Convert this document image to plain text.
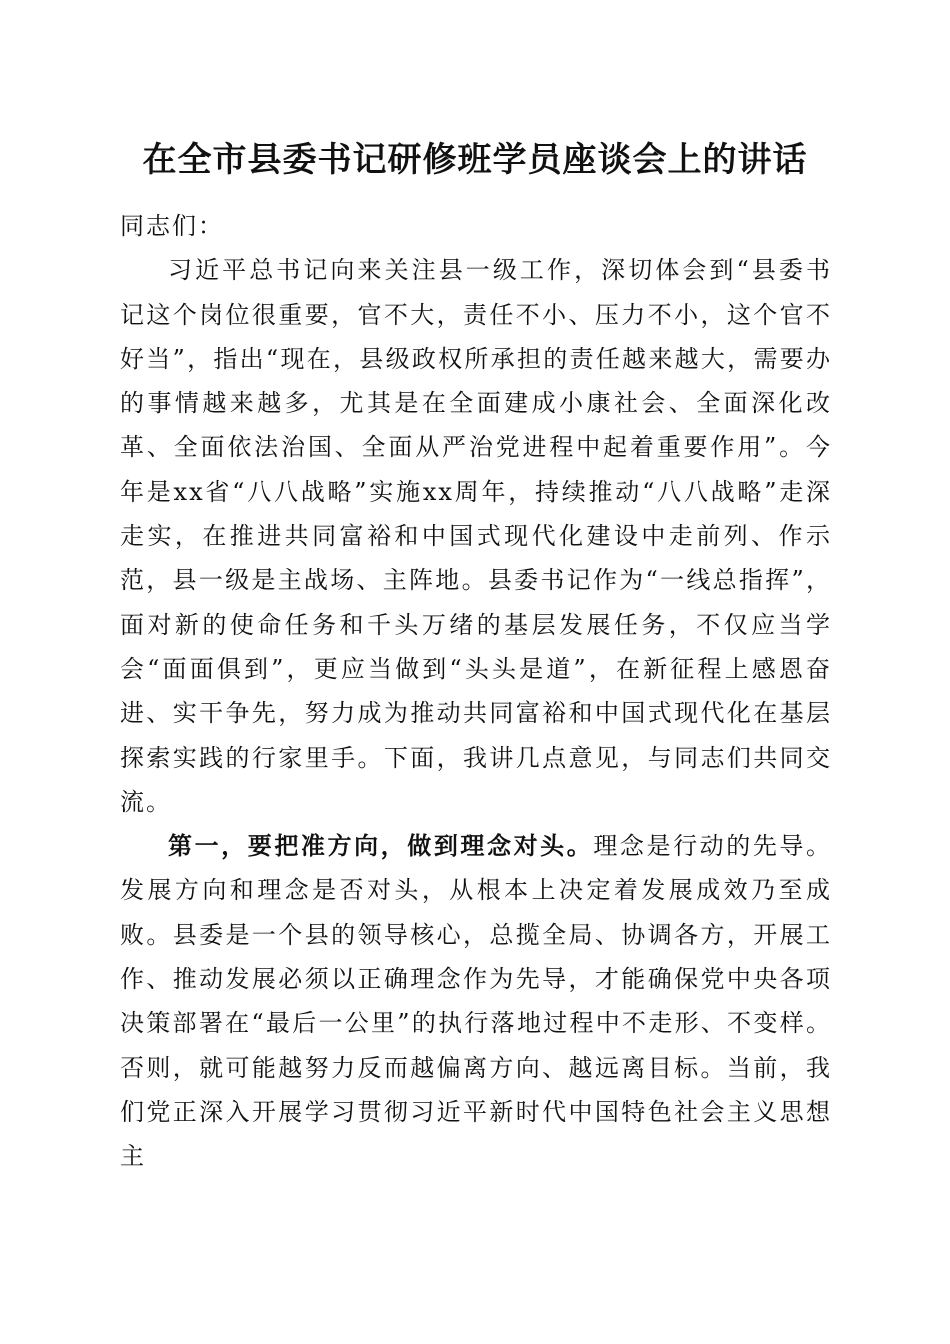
在全市县委书记研修班学员座谈会上的讲话

同志们：

习近平总书记向来关注县一级工作，深切体会到“县委书记这个岗位很重要，官不大，责任不小、压力不小，这个官不好当”，指出“现在，县级政权所承担的责任越来越大，需要办的事情越来越多，尤其是在全面建成小康社会、全面深化改革、全面依法治国、全面从严治党进程中起着重要作用”。今年是xx省“八八战略”实施xx周年，持续推动“八八战略”走深走实，在推进共同富裕和中国式现代化建设中走前列、作示范，县一级是主战场、主阵地。县委书记作为“一线总指挥”，面对新的使命任务和千头万绪的基层发展任务，不仅应当学会“面面俱到”，更应当做到“头头是道”，在新征程上感恩奋进、实干争先，努力成为推动共同富裕和中国式现代化在基层探索实践的行家里手。下面，我讲几点意见，与同志们共同交流。

第一，要把准方向，做到理念对头。理念是行动的先导。发展方向和理念是否对头，从根本上决定着发展成效乃至成败。县委是一个县的领导核心，总揽全局、协调各方，开展工作、推动发展必须以正确理念作为先导，才能确保党中央各项决策部署在“最后一公里”的执行落地过程中不走形、不变样。否则，就可能越努力反而越偏离方向、越远离目标。当前，我们党正深入开展学习贯彻习近平新时代中国特色社会主义思想主
